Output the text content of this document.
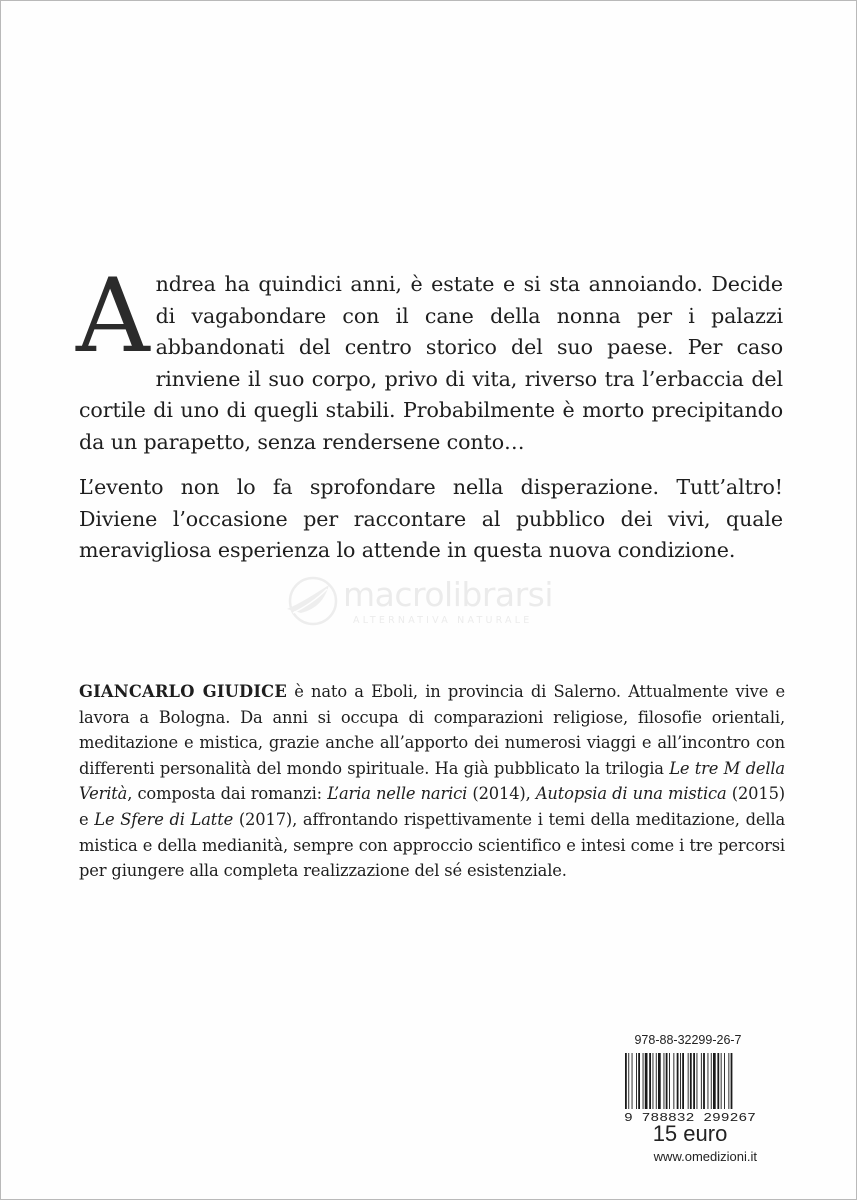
Andrea ha quindici anni, è estate e si sta annoiando. Decide di vagabondare con il cane della nonna per i palazzi abbandonati del centro storico del suo paese. Per caso rinviene il suo corpo, privo di vita, riverso tra l’erbaccia del cortile di uno di quegli stabili. Probabilmente è morto precipitando da un parapetto, senza rendersene conto…

L’evento non lo fa sprofondare nella disperazione. Tutt’altro! Diviene l’occasione per raccontare al pubblico dei vivi, quale meravigliosa esperienza lo attende in questa nuova condizione.

macrolibrarsi
ALTERNATIVA NATURALE
GIANCARLO GIUDICE è nato a Eboli, in provincia di Salerno. Attualmente vive e lavora a Bologna. Da anni si occupa di comparazioni religiose, filosofie orientali, meditazione e mistica, grazie anche all’apporto dei numerosi viaggi e all’incontro con differenti personalità del mondo spirituale. Ha già pubblicato la trilogia Le tre M della Verità, composta dai romanzi: L’aria nelle narici (2014), Autopsia di una mistica (2015) e Le Sfere di Latte (2017), affrontando rispettivamente i temi della meditazione, della mistica e della medianità, sempre con approccio scientifico e intesi come i tre percorsi per giungere alla completa realizzazione del sé esistenziale.
978-88-32299-26-7
9 788832 299267
15 euro
www.omedizioni.it
